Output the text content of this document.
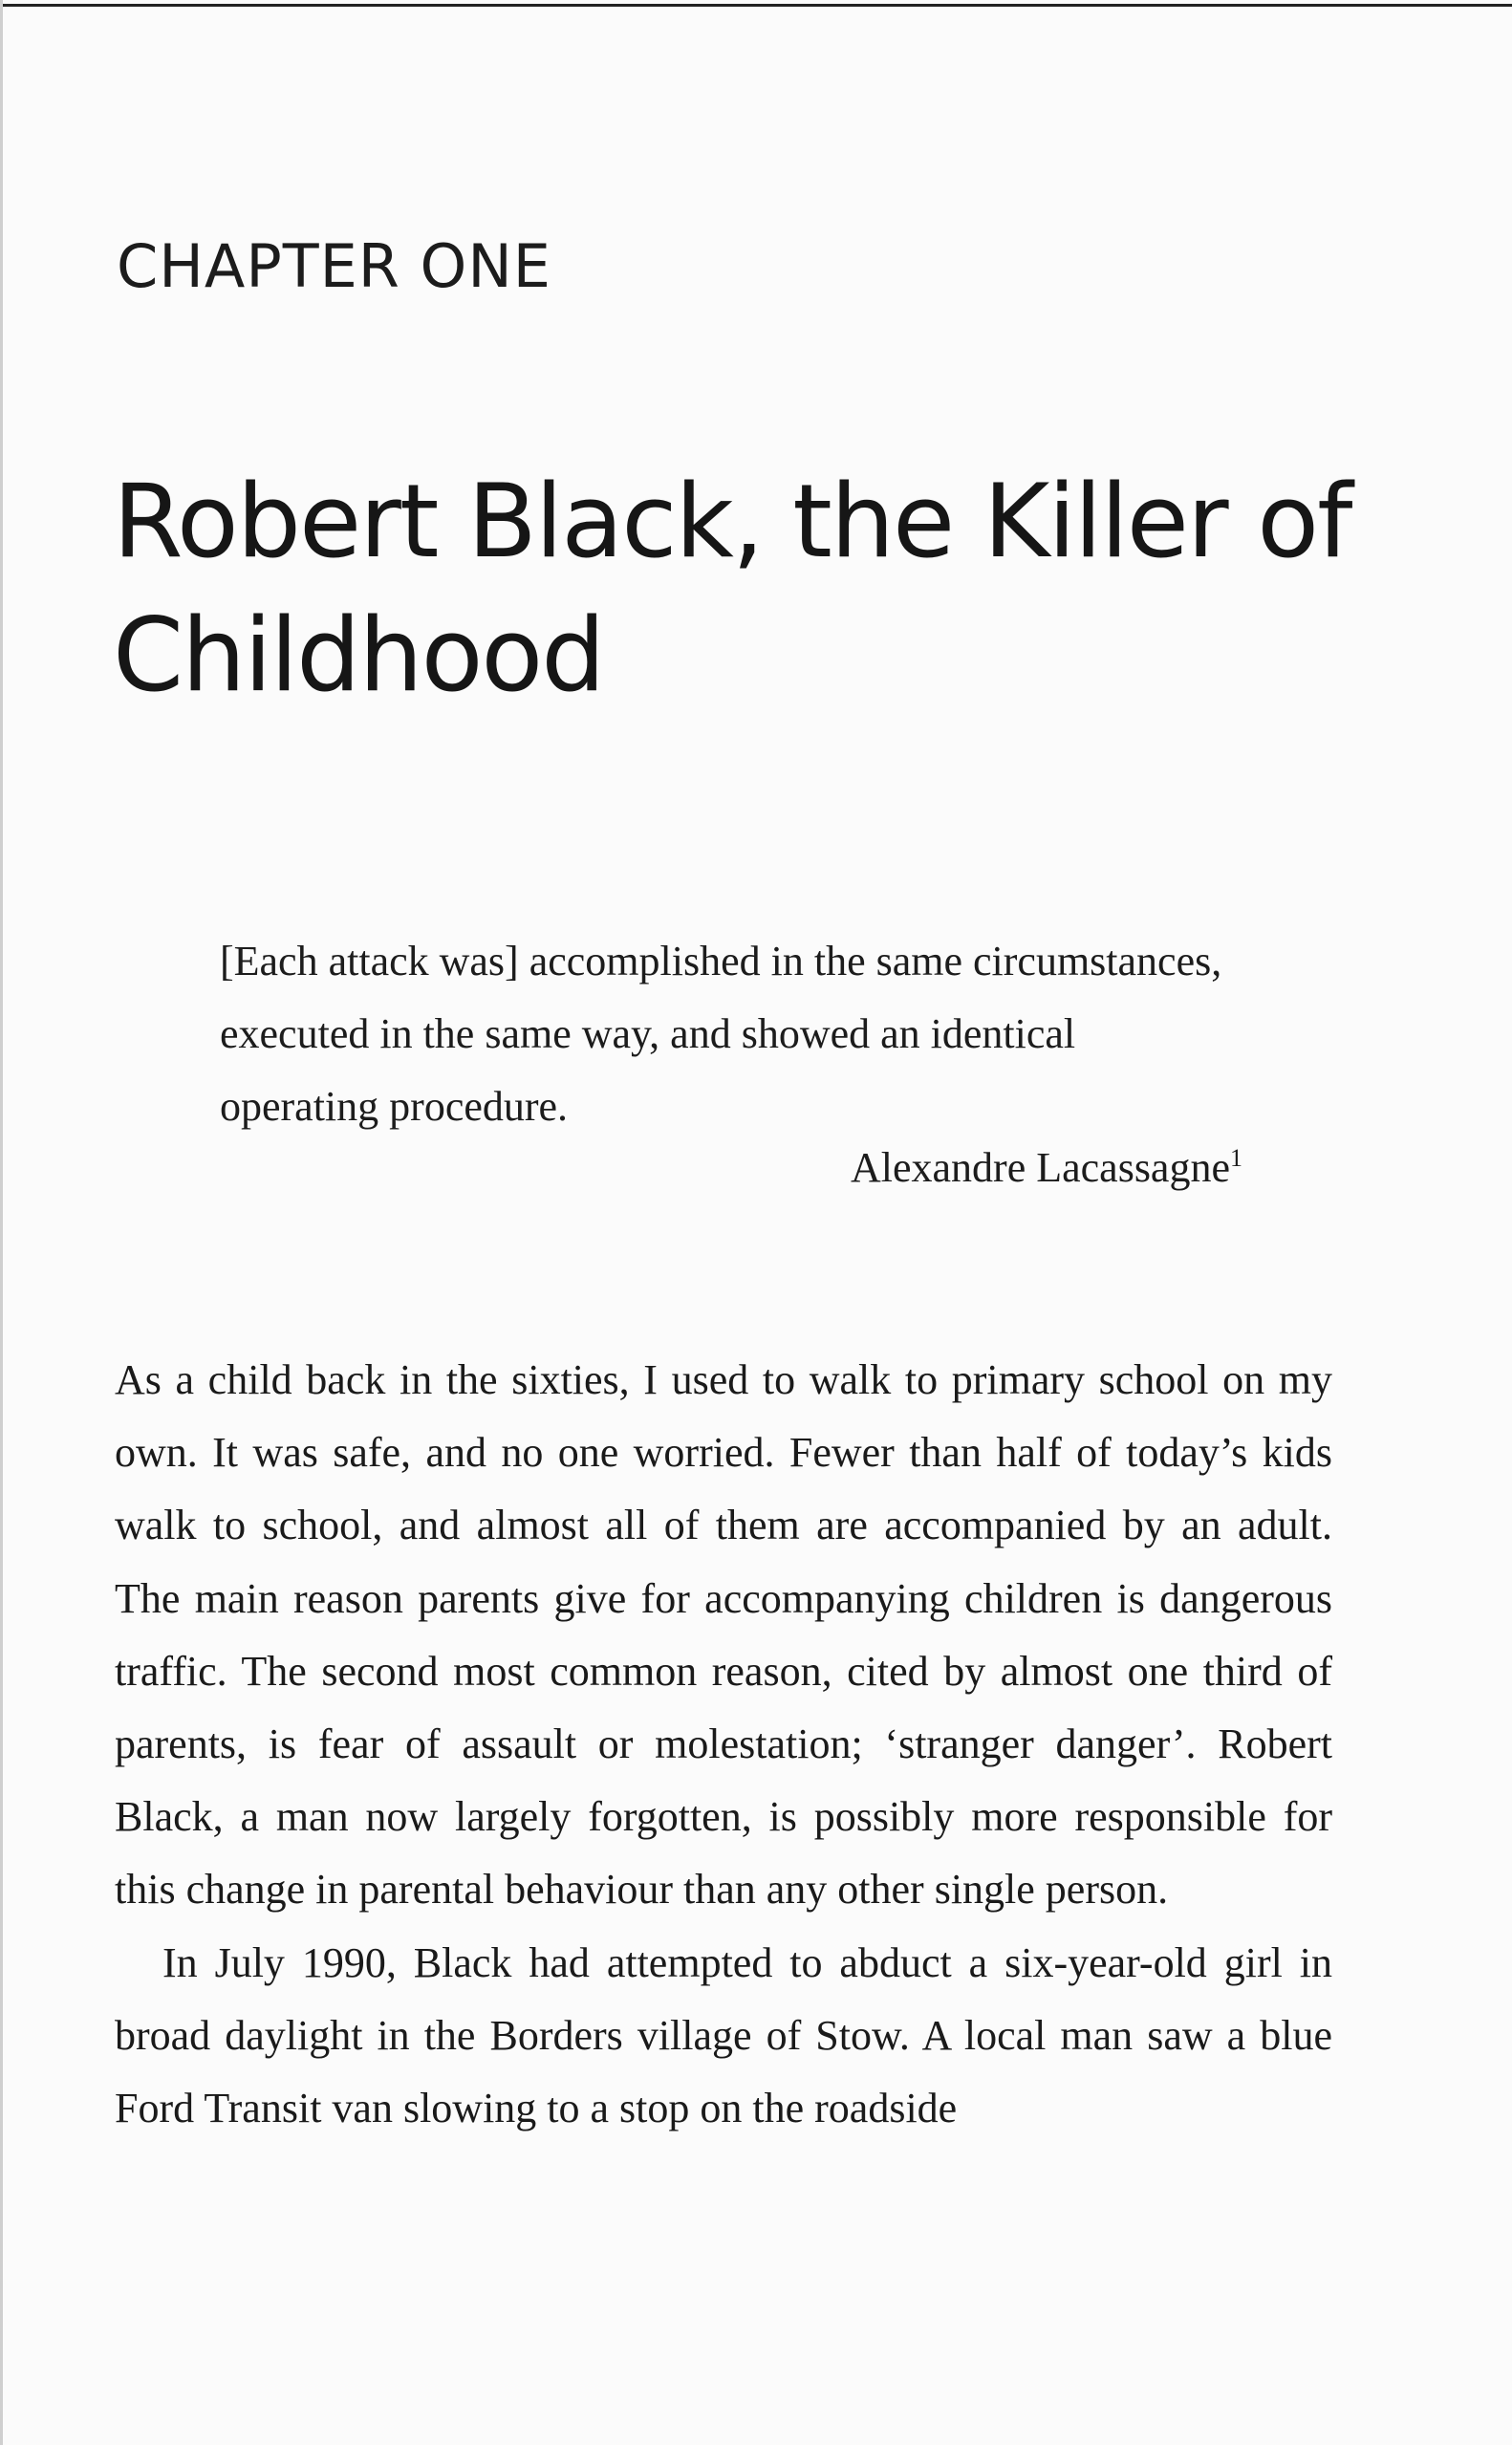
CHAPTER ONE
Robert Black, the Killer of Childhood

[Each attack was] accomplished in the same circumstances, executed in the same way, and showed an identical operating procedure.

Alexandre Lacassagne$^1$

As a child back in the sixties, I used to walk to primary school on my own. It was safe, and no one worried. Fewer than half of today’s kids walk to school, and almost all of them are accompanied by an adult. The main reason parents give for accompanying children is dangerous traffic. The second most common reason, cited by almost one third of parents, is fear of assault or molestation; ‘stranger danger’. Robert Black, a man now largely forgotten, is possibly more responsible for this change in parental behaviour than any other single person.

In July 1990, Black had attempted to abduct a six-year-old girl in broad daylight in the Borders village of Stow. A local man saw a blue Ford Transit van slowing to a stop on the roadside
